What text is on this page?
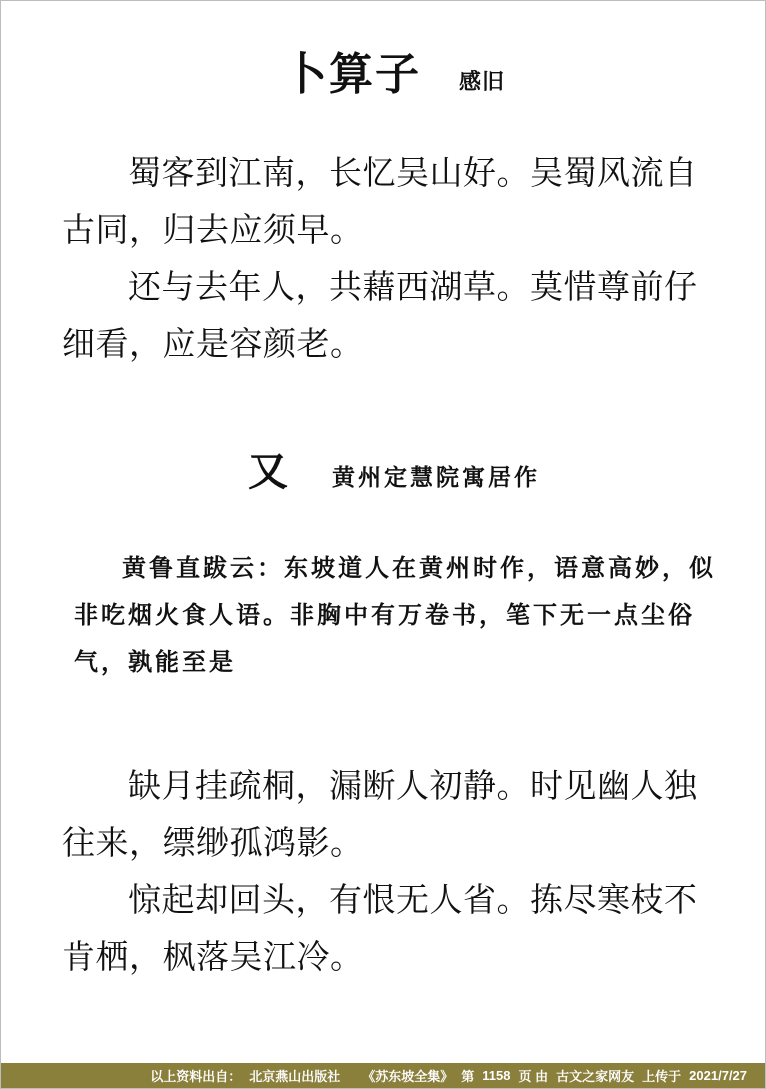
卜算子 感旧

蜀客到江南，长忆吴山好。吴蜀风流自古同，归去应须早。

还与去年人，共藉西湖草。莫惜尊前仔细看，应是容颜老。

又 黄州定慧院寓居作
黄鲁直跋云：东坡道人在黄州时作，语意高妙，似非吃烟火食人语。非胸中有万卷书，笔下无一点尘俗气，孰能至是

缺月挂疏桐，漏断人初静。时见幽人独往来，缥缈孤鸿影。

惊起却回头，有恨无人省。拣尽寒枝不肯栖，枫落吴江冷。

以上资料出自： 北京燕山出版社 《苏东坡全集》 第 1158 页 由 古文之家网友 上传于 2021/7/27
